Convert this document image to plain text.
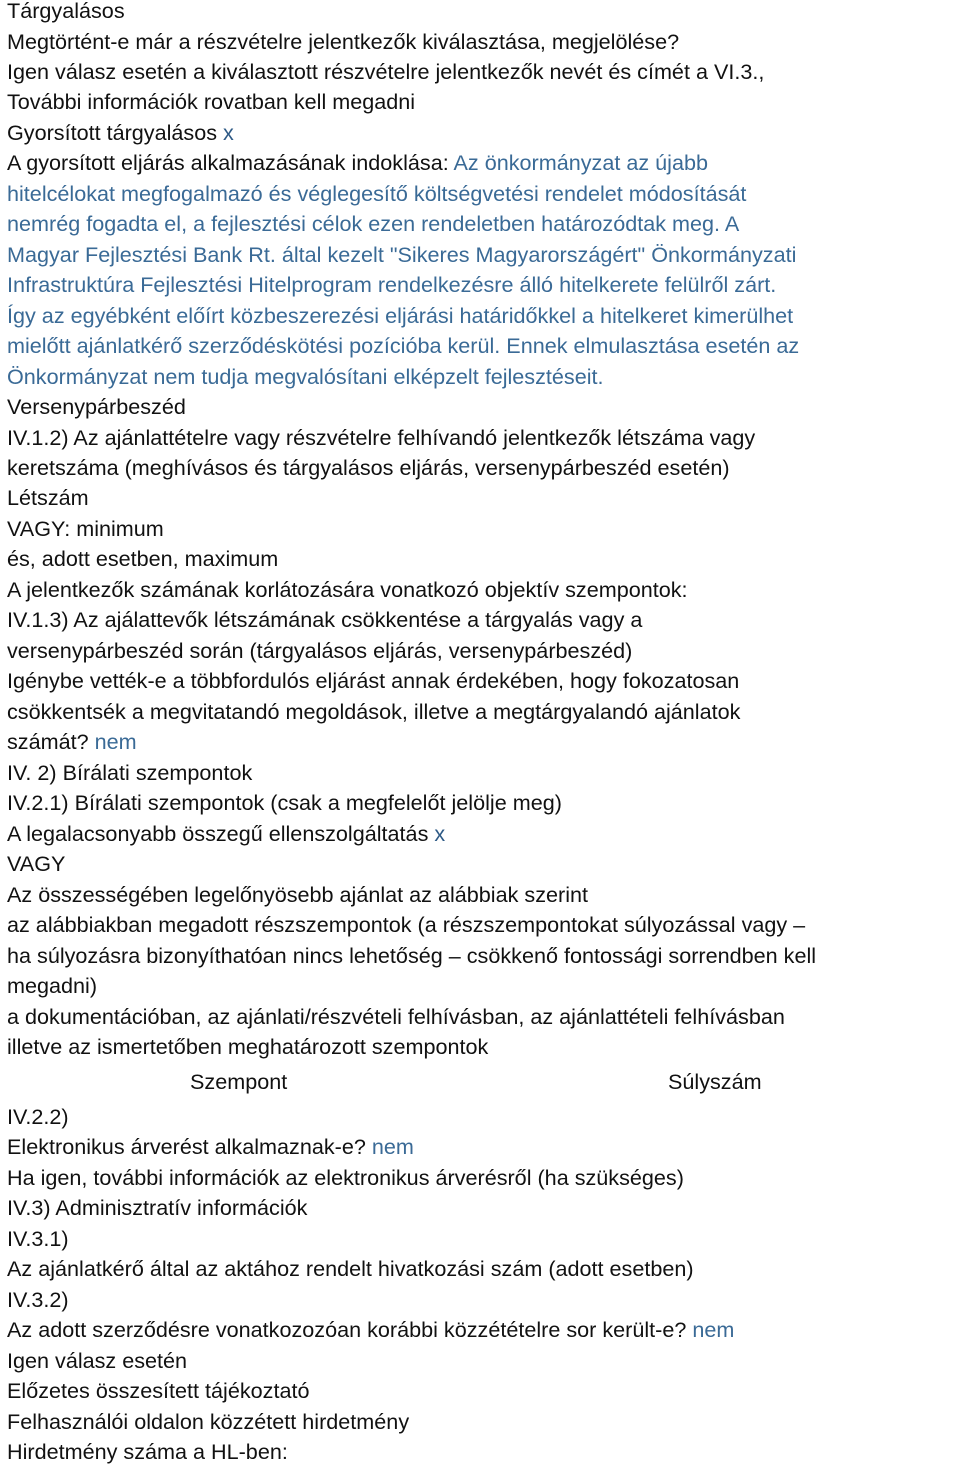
Tárgyalásos
Megtörtént-e már a részvételre jelentkezők kiválasztása, megjelölése?
Igen válasz esetén a kiválasztott részvételre jelentkezők nevét és címét a VI.3.,
További információk rovatban kell megadni
Gyorsított tárgyalásos x
A gyorsított eljárás alkalmazásának indoklása: Az önkormányzat az újabb
hitelcélokat megfogalmazó és véglegesítő költségvetési rendelet módosítását
nemrég fogadta el, a fejlesztési célok ezen rendeletben határozódtak meg. A
Magyar Fejlesztési Bank Rt. által kezelt "Sikeres Magyarországért" Önkormányzati
Infrastruktúra Fejlesztési Hitelprogram rendelkezésre álló hitelkerete felülről zárt.
Így az egyébként előírt közbeszerezési eljárási határidőkkel a hitelkeret kimerülhet
mielőtt ajánlatkérő szerződéskötési pozícióba kerül. Ennek elmulasztása esetén az
Önkormányzat nem tudja megvalósítani elképzelt fejlesztéseit.
Versenypárbeszéd
IV.1.2) Az ajánlattételre vagy részvételre felhívandó jelentkezők létszáma vagy
keretszáma (meghívásos és tárgyalásos eljárás, versenypárbeszéd esetén)
Létszám
VAGY: minimum
és, adott esetben, maximum
A jelentkezők számának korlátozására vonatkozó objektív szempontok:
IV.1.3) Az ajálattevők létszámának csökkentése a tárgyalás vagy a
versenypárbeszéd során (tárgyalásos eljárás, versenypárbeszéd)
Igénybe vették-e a többfordulós eljárást annak érdekében, hogy fokozatosan
csökkentsék a megvitatandó megoldások, illetve a megtárgyalandó ajánlatok
számát? nem
IV. 2) Bírálati szempontok
IV.2.1) Bírálati szempontok (csak a megfelelőt jelölje meg)
A legalacsonyabb összegű ellenszolgáltatás x
VAGY
Az összességében legelőnyösebb ajánlat az alábbiak szerint
az alábbiakban megadott részszempontok (a részszempontokat súlyozással vagy –
ha súlyozásra bizonyíthatóan nincs lehetőség – csökkenő fontossági sorrendben kell
megadni)
a dokumentációban, az ajánlati/részvételi felhívásban, az ajánlattételi felhívásban
illetve az ismertetőben meghatározott szempontok
Szempont	Súlyszám
IV.2.2)
Elektronikus árverést alkalmaznak-e? nem
Ha igen, további információk az elektronikus árverésről (ha szükséges)
IV.3) Adminisztratív információk
IV.3.1)
Az ajánlatkérő által az aktához rendelt hivatkozási szám (adott esetben)
IV.3.2)
Az adott szerződésre vonatkozozóan korábbi közzétételre sor került-e? nem
Igen válasz esetén
Előzetes összesített tájékoztató
Felhasználói oldalon közzétett hirdetmény
Hirdetmény száma a HL-ben:
